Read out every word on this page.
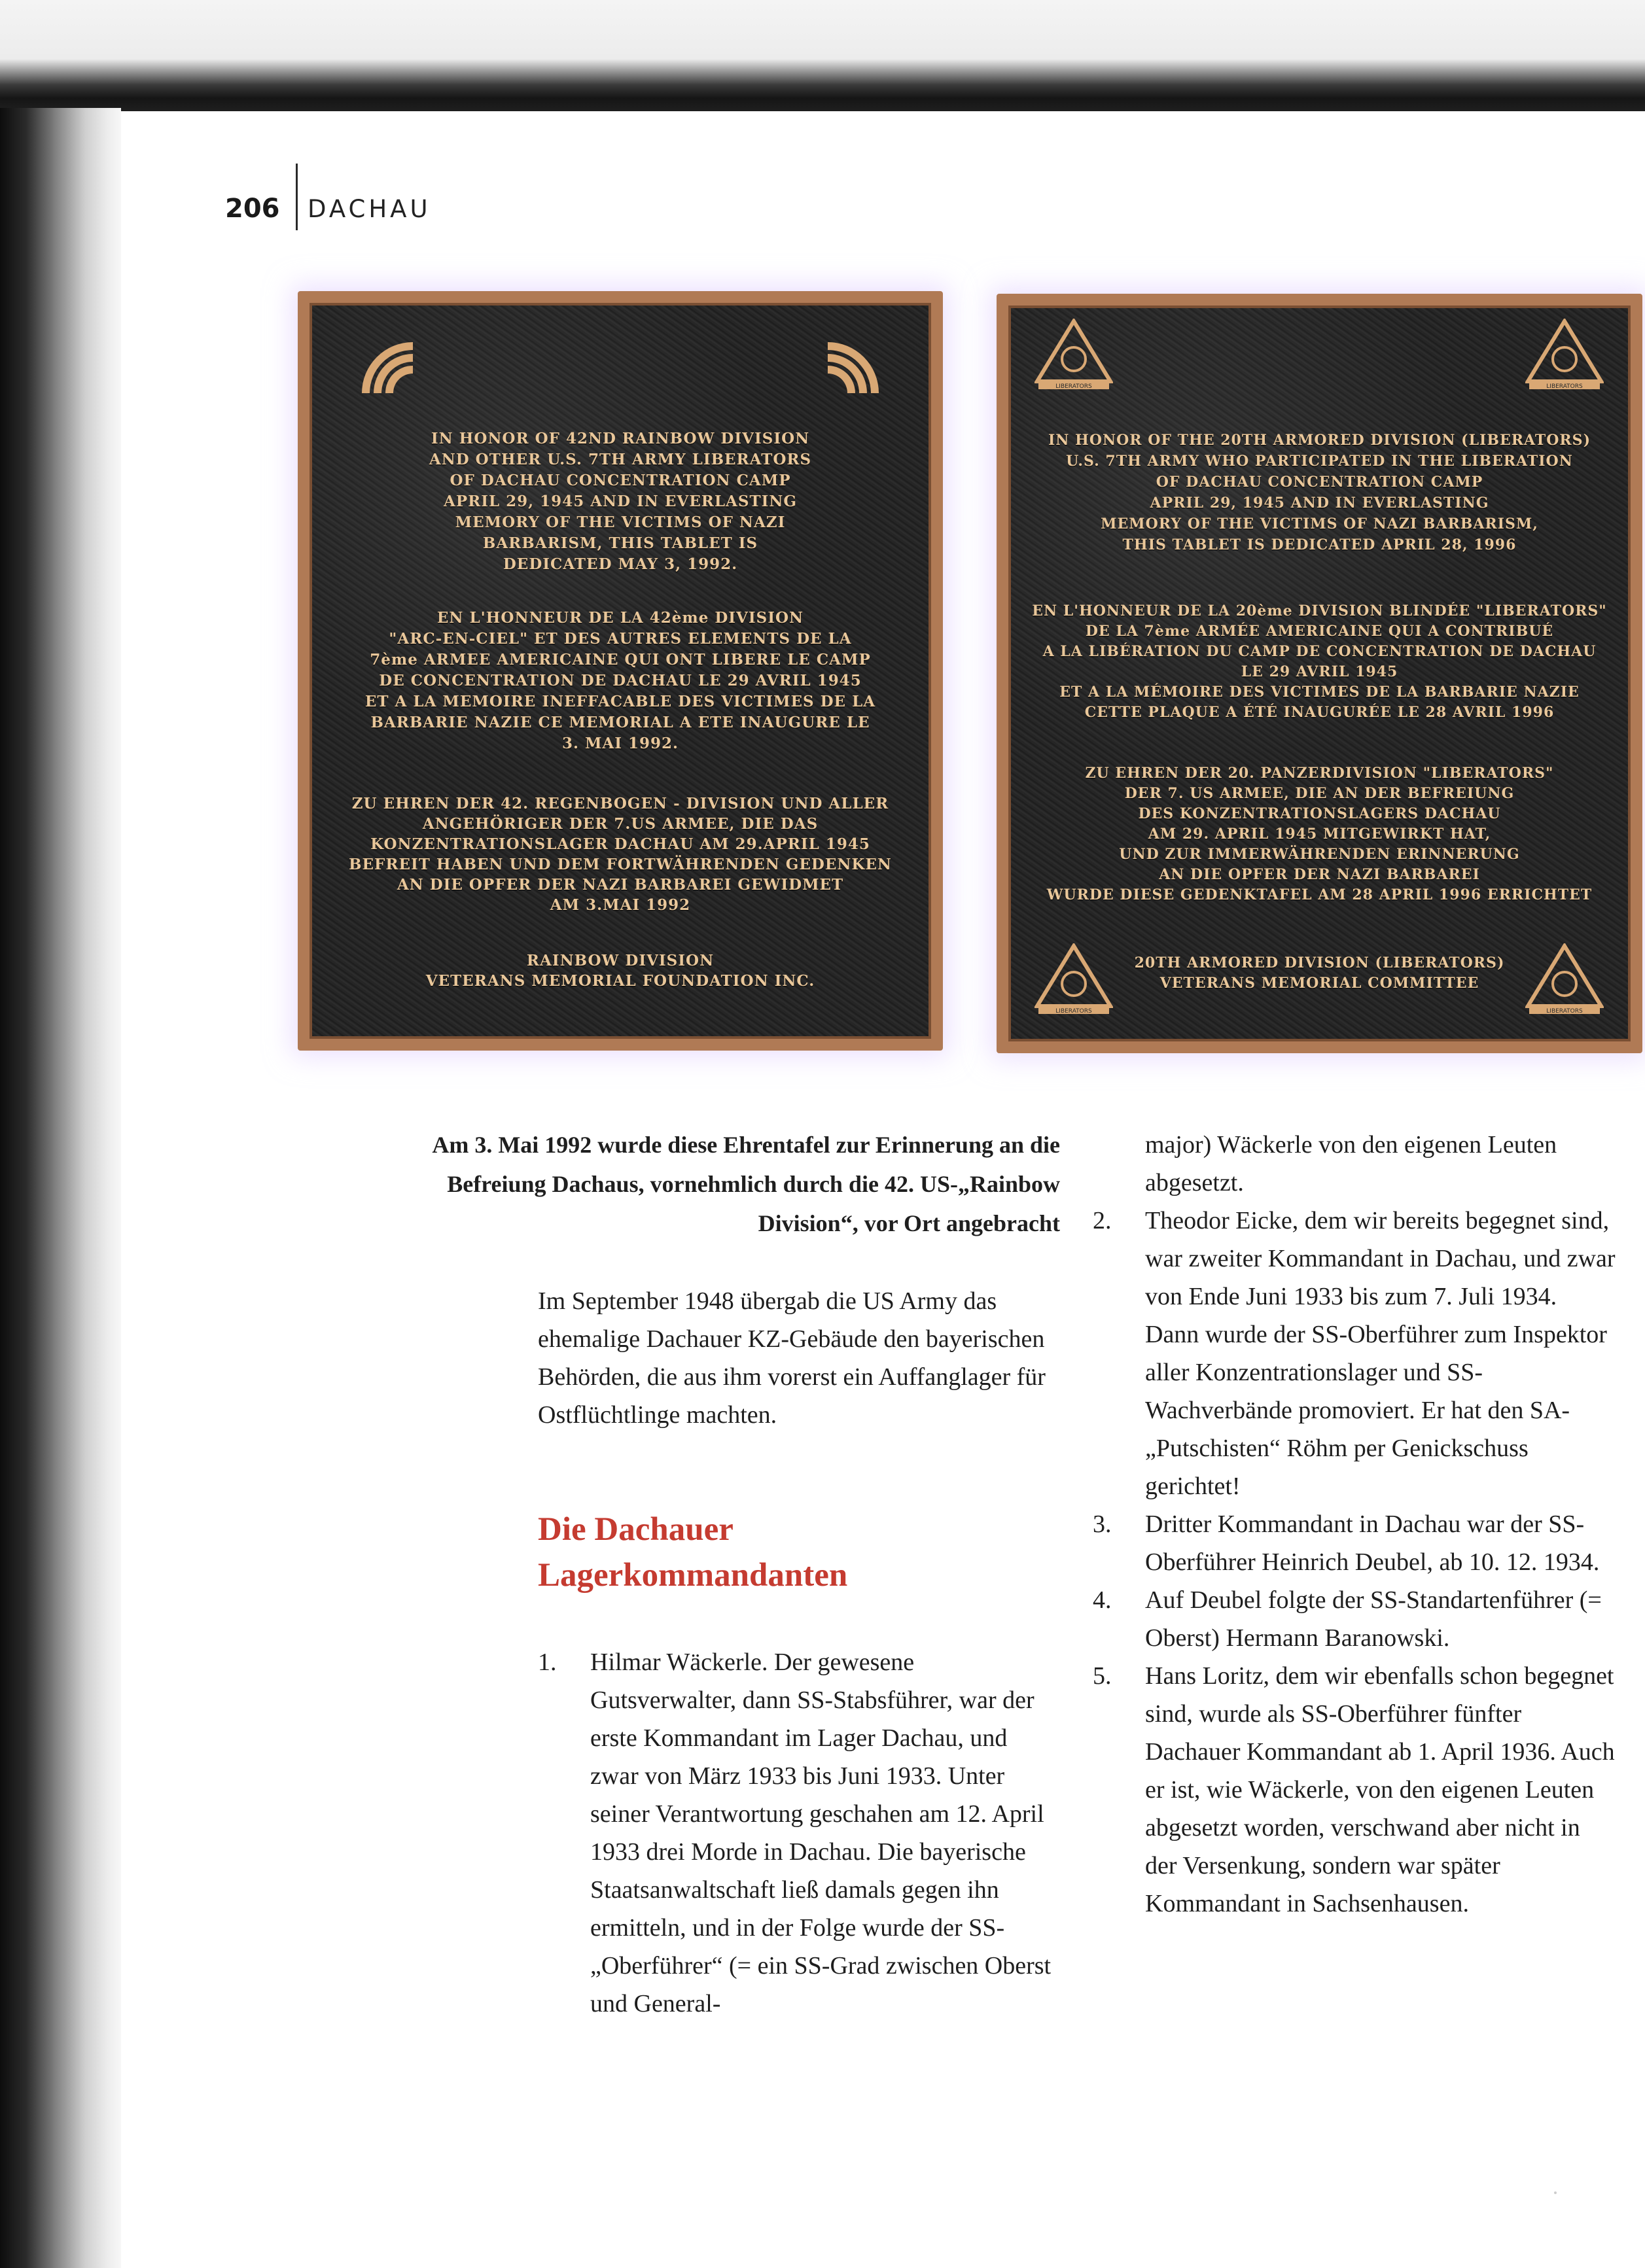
206 DACHAU
IN HONOR OF 42ND RAINBOW DIVISION
AND OTHER U.S. 7TH ARMY LIBERATORS
OF DACHAU CONCENTRATION CAMP
APRIL 29, 1945 AND IN EVERLASTING
MEMORY OF THE VICTIMS OF NAZI
BARBARISM, THIS TABLET IS
DEDICATED MAY 3, 1992.
EN L'HONNEUR DE LA 42ème DIVISION
"ARC-EN-CIEL" ET DES AUTRES ELEMENTS DE LA
7ème ARMEE AMERICAINE QUI ONT LIBERE LE CAMP
DE CONCENTRATION DE DACHAU LE 29 AVRIL 1945
ET A LA MEMOIRE INEFFACABLE DES VICTIMES DE LA
BARBARIE NAZIE CE MEMORIAL A ETE INAUGURE LE
3. MAI 1992.
ZU EHREN DER 42. REGENBOGEN - DIVISION UND ALLER
ANGEHÖRIGER DER 7.US ARMEE, DIE DAS
KONZENTRATIONSLAGER DACHAU AM 29.APRIL 1945
BEFREIT HABEN UND DEM FORTWÄHRENDEN GEDENKEN
AN DIE OPFER DER NAZI BARBAREI GEWIDMET
AM 3.MAI 1992
RAINBOW DIVISION
VETERANS MEMORIAL FOUNDATION INC.
LIBERATORS	LIBERATORS
LIBERATORS	LIBERATORS
IN HONOR OF THE 20TH ARMORED DIVISION (LIBERATORS)
U.S. 7TH ARMY WHO PARTICIPATED IN THE LIBERATION
OF DACHAU CONCENTRATION CAMP
APRIL 29, 1945 AND IN EVERLASTING
MEMORY OF THE VICTIMS OF NAZI BARBARISM,
THIS TABLET IS DEDICATED APRIL 28, 1996
EN L'HONNEUR DE LA 20ème DIVISION BLINDÉE "LIBERATORS"
DE LA 7ème ARMÉE AMERICAINE QUI A CONTRIBUÉ
A LA LIBÉRATION DU CAMP DE CONCENTRATION DE DACHAU
LE 29 AVRIL 1945
ET A LA MÉMOIRE DES VICTIMES DE LA BARBARIE NAZIE
CETTE PLAQUE A ÉTÉ INAUGURÉE LE 28 AVRIL 1996
ZU EHREN DER 20. PANZERDIVISION "LIBERATORS"
DER 7. US ARMEE, DIE AN DER BEFREIUNG
DES KONZENTRATIONSLAGERS DACHAU
AM 29. APRIL 1945 MITGEWIRKT HAT,
UND ZUR IMMERWÄHRENDEN ERINNERUNG
AN DIE OPFER DER NAZI BARBAREI
WURDE DIESE GEDENKTAFEL AM 28 APRIL 1996 ERRICHTET
20TH ARMORED DIVISION (LIBERATORS)
VETERANS MEMORIAL COMMITTEE
Am 3. Mai 1992 wurde diese Ehrentafel zur Erinnerung an die Befreiung Dachaus, vornehmlich durch die 42. US-„Rainbow Division“, vor Ort angebracht
Im September 1948 übergab die US Army das ehemalige Dachauer KZ-Gebäude den bayerischen Behörden, die aus ihm vorerst ein Auffanglager für Ostflüchtlinge machten.
Die Dachauer Lagerkommandanten
1.	Hilmar Wäckerle. Der gewesene Gutsverwalter, dann SS-Stabsführer, war der erste Kommandant im Lager Dachau, und zwar von März 1933 bis Juni 1933. Unter seiner Verantwortung geschahen am 12. April 1933 drei Morde in Dachau. Die bayerische Staatsanwaltschaft ließ damals gegen ihn ermitteln, und in der Folge wurde der SS-„Oberführer“ (= ein SS-Grad zwischen Oberst und General-
major) Wäckerle von den eigenen Leuten abgesetzt.
2.	Theodor Eicke, dem wir bereits begegnet sind, war zweiter Kommandant in Dachau, und zwar von Ende Juni 1933 bis zum 7. Juli 1934. Dann wurde der SS-Oberführer zum Inspektor aller Konzentrationslager und SS-Wachverbände promoviert. Er hat den SA-„Putschisten“ Röhm per Genickschuss gerichtet!
3.	Dritter Kommandant in Dachau war der SS-Oberführer Heinrich Deubel, ab 10. 12. 1934.
4.	Auf Deubel folgte der SS-Standartenführer (= Oberst) Hermann Baranowski.
5.	Hans Loritz, dem wir ebenfalls schon begegnet sind, wurde als SS-Oberführer fünfter Dachauer Kommandant ab 1. April 1936. Auch er ist, wie Wäckerle, von den eigenen Leuten abgesetzt worden, verschwand aber nicht in der Versenkung, sondern war später Kommandant in Sachsenhausen.
